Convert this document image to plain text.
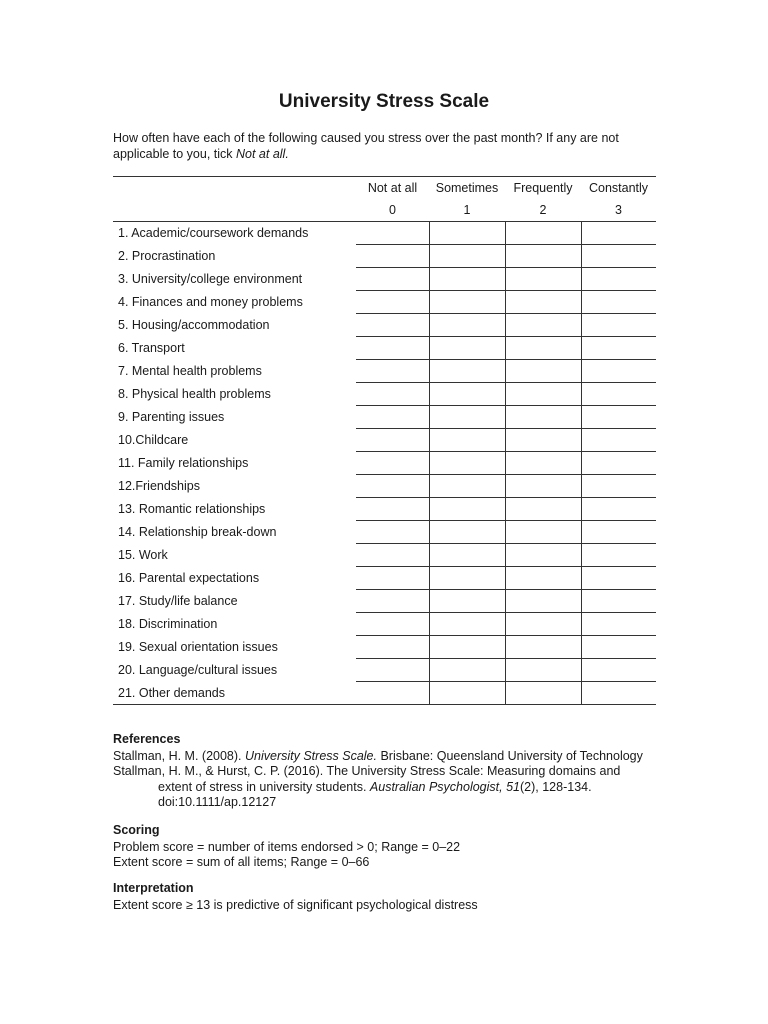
University Stress Scale

How often have each of the following caused you stress over the past month? If any are not applicable to you, tick Not at all.

	Not at all	Sometimes	Frequently	Constantly
	0	1	2	3
1. Academic/coursework demands				
2. Procrastination				
3. University/college environment				
4. Finances and money problems				
5. Housing/accommodation				
6. Transport				
7. Mental health problems				
8. Physical health problems				
9. Parenting issues				
10.Childcare				
11. Family relationships				
12.Friendships				
13. Romantic relationships				
14. Relationship break-down				
15. Work				
16. Parental expectations				
17. Study/life balance				
18. Discrimination				
19. Sexual orientation issues				
20. Language/cultural issues				
21. Other demands				
References

Stallman, H. M. (2008). University Stress Scale. Brisbane: Queensland University of Technology

Stallman, H. M., & Hurst, C. P. (2016). The University Stress Scale: Measuring domains and

extent of stress in university students. Australian Psychologist, 51(2), 128-134.

doi:10.1111/ap.12127

Scoring

Problem score = number of items endorsed > 0; Range = 0–22

Extent score = sum of all items; Range = 0–66

Interpretation

Extent score ≥ 13 is predictive of significant psychological distress
